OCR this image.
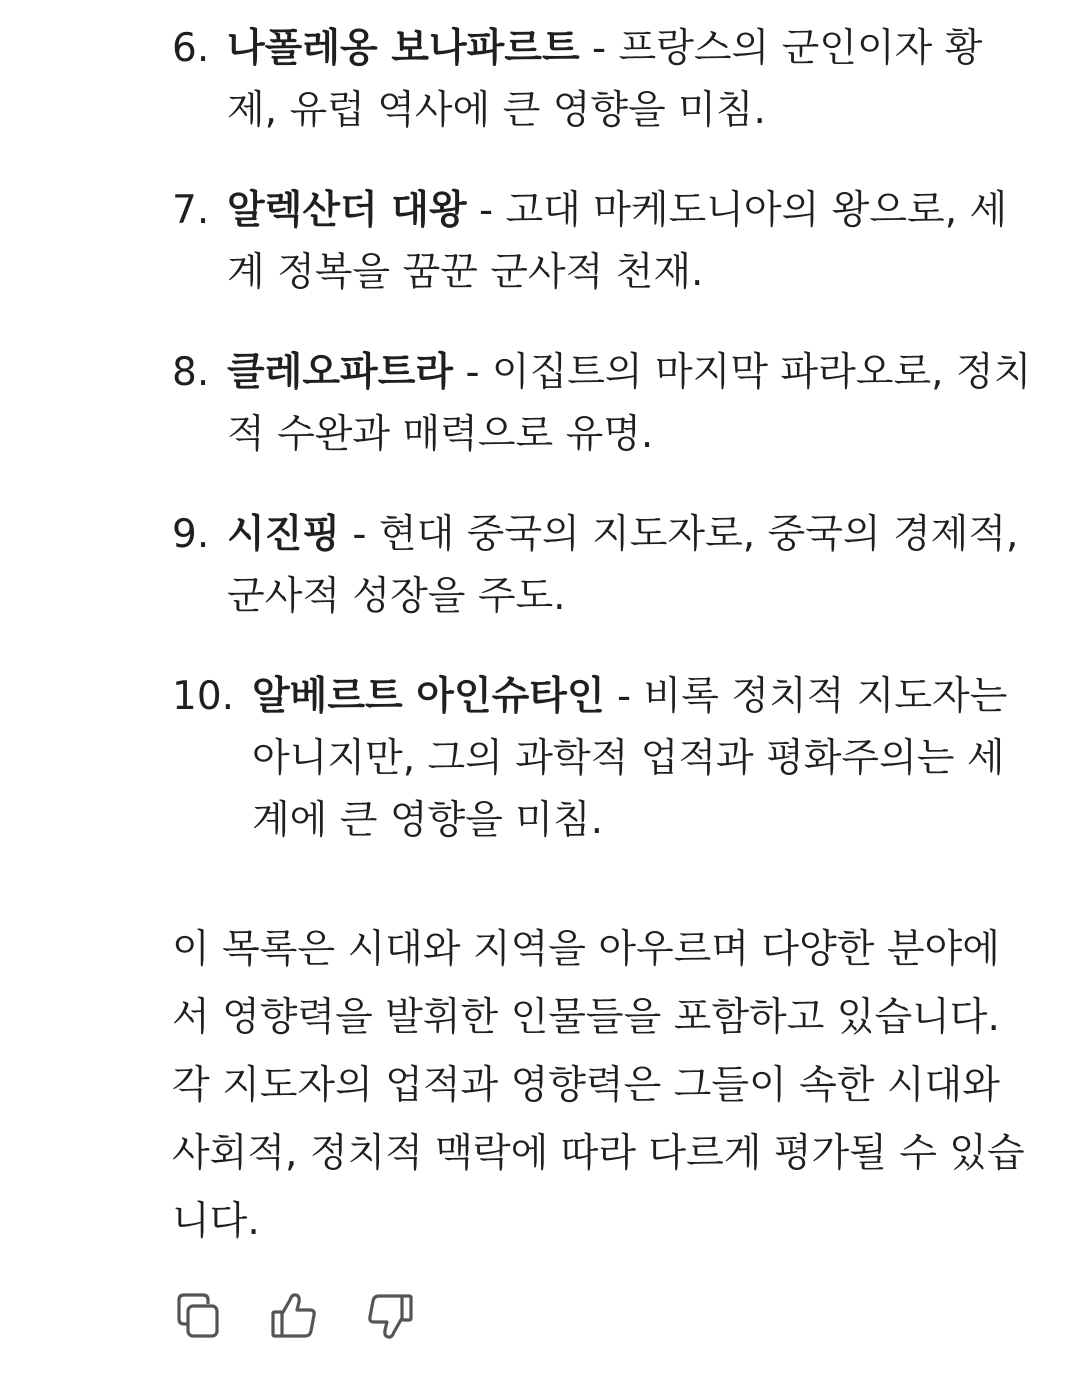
6. 나폴레옹 보나파르트 - 프랑스의 군인이자 황제, 유럽 역사에 큰 영향을 미침.
7. 알렉산더 대왕 - 고대 마케도니아의 왕으로, 세계 정복을 꿈꾼 군사적 천재.
8. 클레오파트라 - 이집트의 마지막 파라오로, 정치적 수완과 매력으로 유명.
9. 시진핑 - 현대 중국의 지도자로, 중국의 경제적, 군사적 성장을 주도.
10. 알베르트 아인슈타인 - 비록 정치적 지도자는 아니지만, 그의 과학적 업적과 평화주의는 세계에 큰 영향을 미침.

이 목록은 시대와 지역을 아우르며 다양한 분야에서 영향력을 발휘한 인물들을 포함하고 있습니다. 각 지도자의 업적과 영향력은 그들이 속한 시대와 사회적, 정치적 맥락에 따라 다르게 평가될 수 있습니다.
